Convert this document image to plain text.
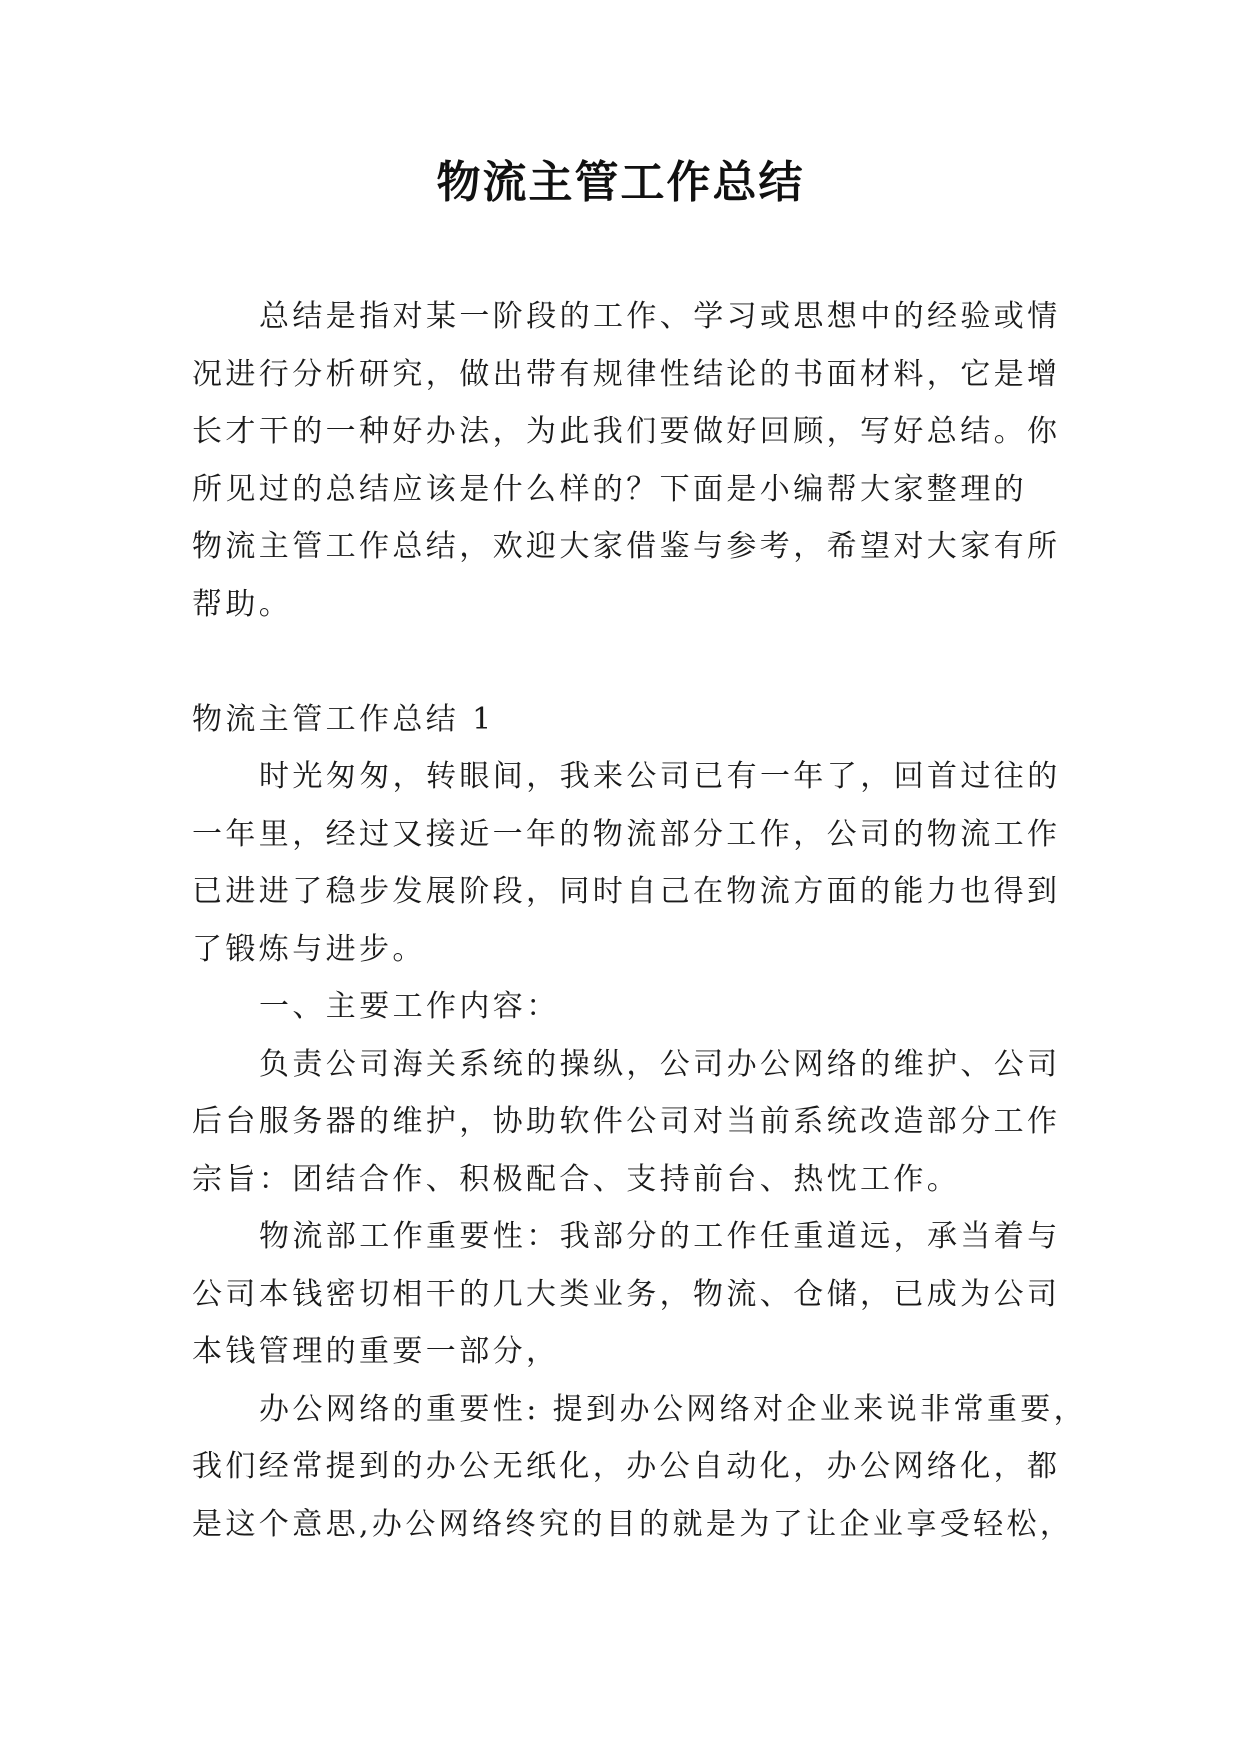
物流主管工作总结
总结是指对某一阶段的工作、学习或思想中的经验或情
况进行分析研究，做出带有规律性结论的书面材料，它是增
长才干的一种好办法，为此我们要做好回顾，写好总结。你
所见过的总结应该是什么样的？下面是小编帮大家整理的
物流主管工作总结，欢迎大家借鉴与参考，希望对大家有所
帮助。
物流主管工作总结 1
时光匆匆，转眼间，我来公司已有一年了，回首过往的
一年里，经过又接近一年的物流部分工作，公司的物流工作
已进进了稳步发展阶段，同时自己在物流方面的能力也得到
了锻炼与进步。
一、主要工作内容：
负责公司海关系统的操纵，公司办公网络的维护、公司
后台服务器的维护，协助软件公司对当前系统改造部分工作
宗旨：团结合作、积极配合、支持前台、热忱工作。
物流部工作重要性：我部分的工作任重道远，承当着与
公司本钱密切相干的几大类业务，物流、仓储，已成为公司
本钱管理的重要一部分，
办公网络的重要性: 提到办公网络对企业来说非常重要，
我们经常提到的办公无纸化，办公自动化，办公网络化，都
是这个意思,办公网络终究的目的就是为了让企业享受轻松，
